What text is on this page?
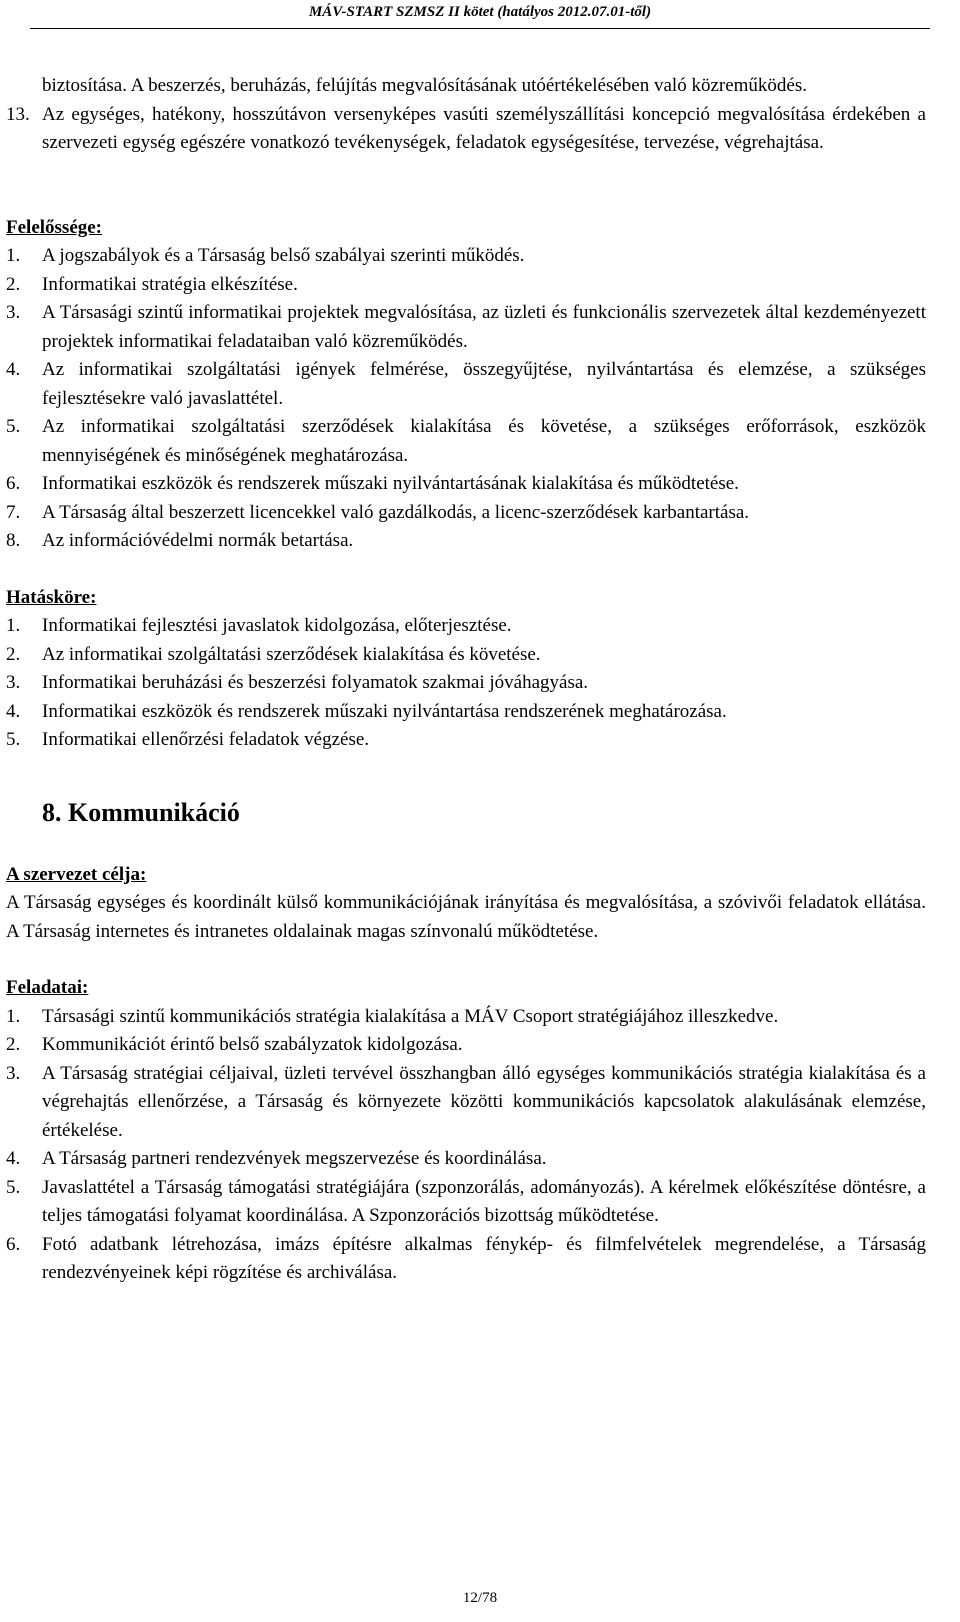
MÁV-START SZMSZ II kötet (hatályos 2012.07.01-től)

biztosítása. A beszerzés, beruházás, felújítás megvalósításának utóértékelésében való közreműködés.

13. Az egységes, hatékony, hosszútávon versenyképes vasúti személyszállítási koncepció megvalósítása érdekében a szervezeti egység egészére vonatkozó tevékenységek, feladatok egységesítése, tervezése, végrehajtása.

Felelőssége:

1.	A jogszabályok és a Társaság belső szabályai szerinti működés.
2.	Informatikai stratégia elkészítése.
3.	A Társasági szintű informatikai projektek megvalósítása, az üzleti és funkcionális szervezetek által kezdeményezett projektek informatikai feladataiban való közreműködés.
4.	Az informatikai szolgáltatási igények felmérése, összegyűjtése, nyilvántartása és elemzése, a szükséges fejlesztésekre való javaslattétel.
5.	Az informatikai szolgáltatási szerződések kialakítása és követése, a szükséges erőforrások, eszközök mennyiségének és minőségének meghatározása.
6.	Informatikai eszközök és rendszerek műszaki nyilvántartásának kialakítása és működtetése.
7.	A Társaság által beszerzett licencekkel való gazdálkodás, a licenc-szerződések karbantartása.
8.	Az információvédelmi normák betartása.

Hatásköre:

1.	Informatikai fejlesztési javaslatok kidolgozása, előterjesztése.
2.	Az informatikai szolgáltatási szerződések kialakítása és követése.
3.	Informatikai beruházási és beszerzési folyamatok szakmai jóváhagyása.
4.	Informatikai eszközök és rendszerek műszaki nyilvántartása rendszerének meghatározása.
5.	Informatikai ellenőrzési feladatok végzése.

8. Kommunikáció

A szervezet célja:

A Társaság egységes és koordinált külső kommunikációjának irányítása és megvalósítása, a szóvivői feladatok ellátása. A Társaság internetes és intranetes oldalainak magas színvonalú működtetése.

Feladatai:

1.	Társasági szintű kommunikációs stratégia kialakítása a MÁV Csoport stratégiájához illeszkedve.
2.	Kommunikációt érintő belső szabályzatok kidolgozása.
3.	A Társaság stratégiai céljaival, üzleti tervével összhangban álló egységes kommunikációs stratégia kialakítása és a végrehajtás ellenőrzése, a Társaság és környezete közötti kommunikációs kapcsolatok alakulásának elemzése, értékelése.
4.	A Társaság partneri rendezvények megszervezése és koordinálása.
5.	Javaslattétel a Társaság támogatási stratégiájára (szponzorálás, adományozás). A kérelmek előkészítése döntésre, a teljes támogatási folyamat koordinálása. A Szponzorációs bizottság működtetése.
6.	Fotó adatbank létrehozása, imázs építésre alkalmas fénykép- és filmfelvételek megrendelése, a Társaság rendezvényeinek képi rögzítése és archiválása.
12/78
